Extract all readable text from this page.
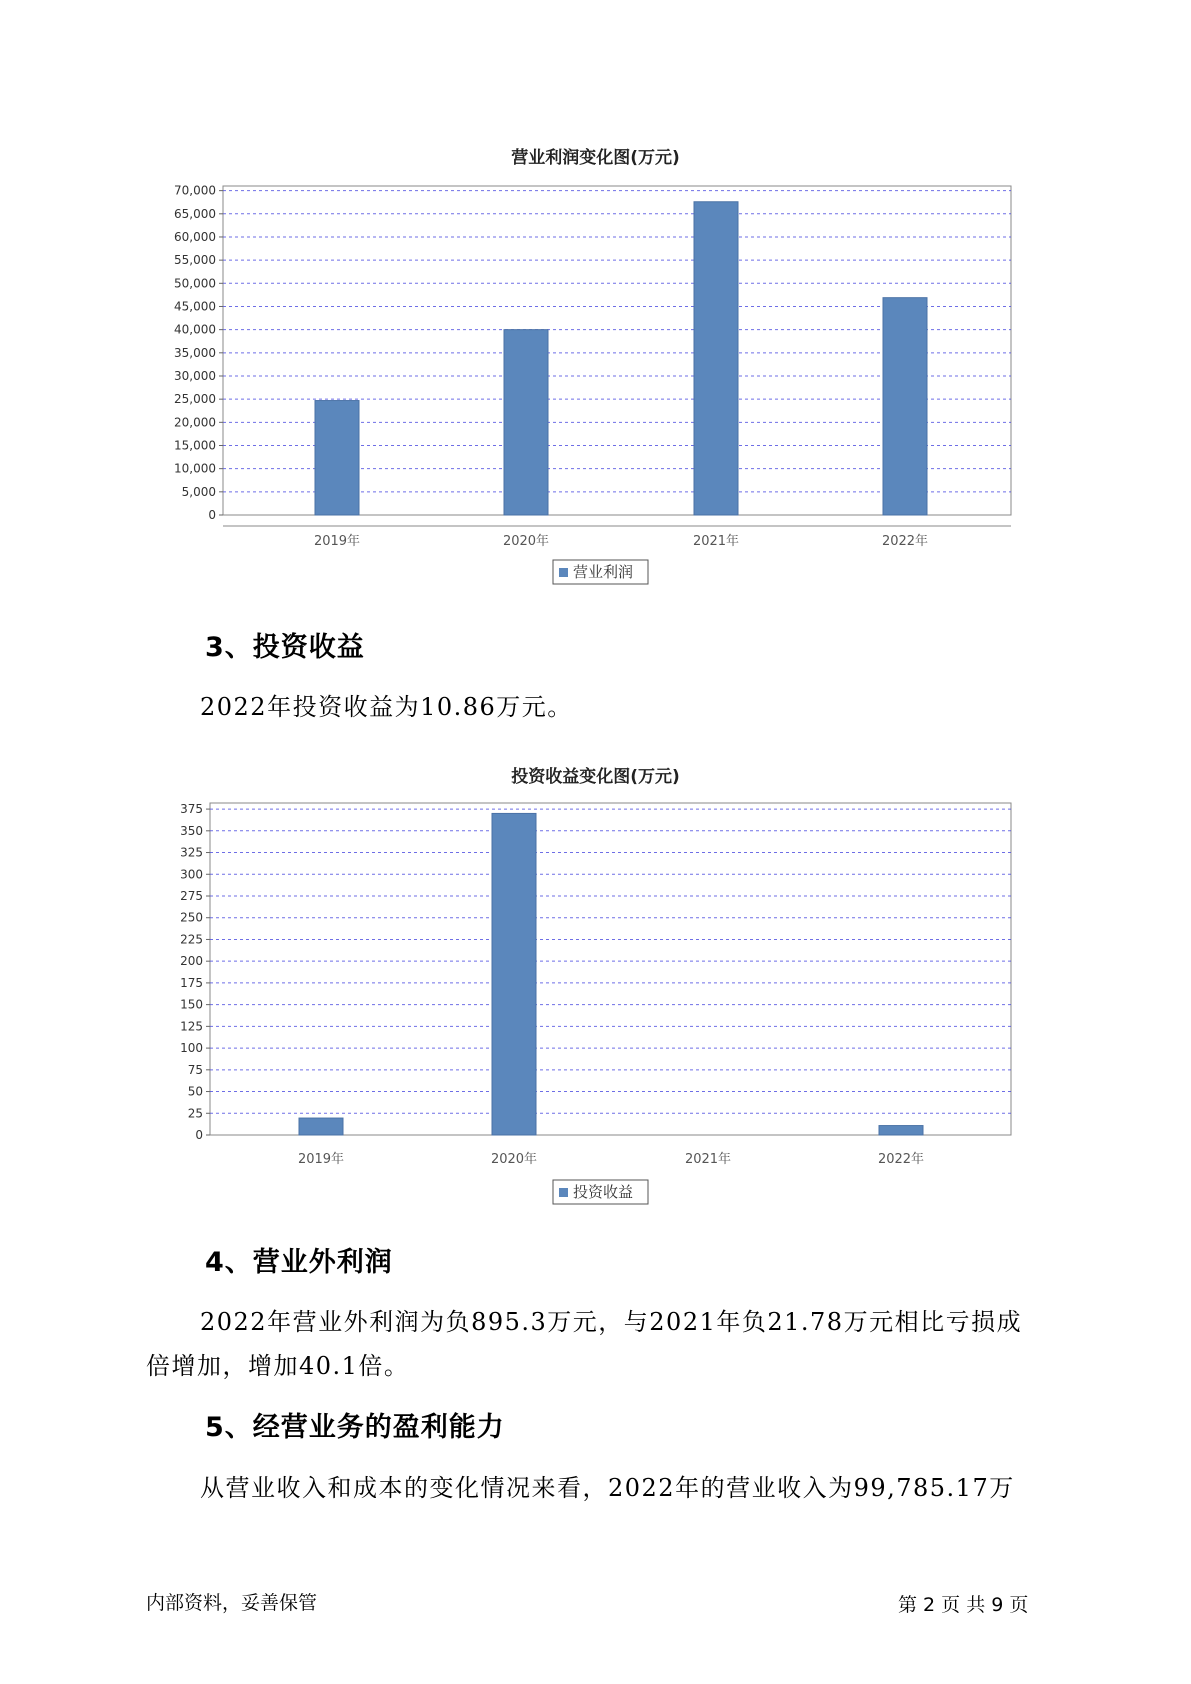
营业利润变化图(万元)
0
5,000
10,000
15,000
20,000
25,000
30,000
35,000
40,000
45,000
50,000
55,000
60,000
65,000
70,000
2019年	2020年	2021年	2022年
营业利润
3、投资收益
2022年投资收益为10.86万元。
投资收益变化图(万元)
0
25
50
75
100
125
150
175
200
225
250
275
300
325
350
375
2019年	2020年	2021年	2022年
投资收益
4、营业外利润
2022年营业外利润为负895.3万元，与2021年负21.78万元相比亏损成
倍增加，增加40.1倍。
5、经营业务的盈利能力
从营业收入和成本的变化情况来看，2022年的营业收入为99,785.17万
内部资料，妥善保管	第 2 页 共 9 页
